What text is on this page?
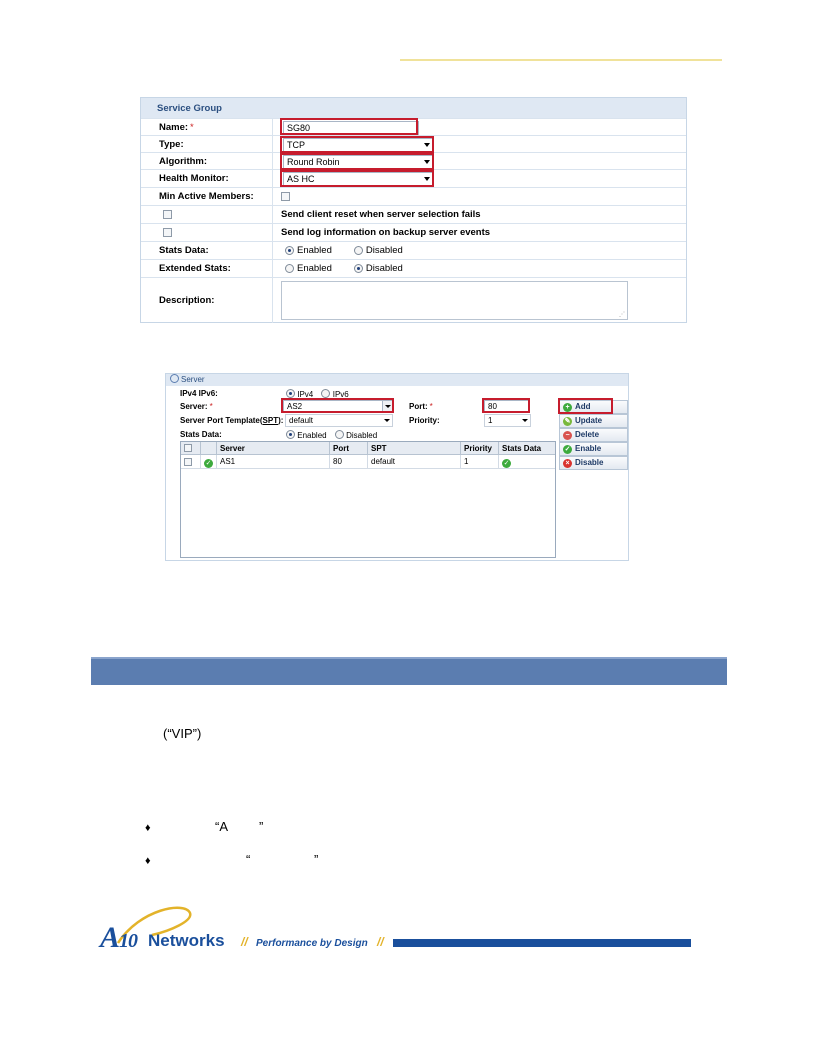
Service Group
Name: *	SG80
Type:	TCP
Algorithm:	Round Robin
Health Monitor:	AS HC
Min Active Members:
Send client reset when server selection fails
Send log information on backup server events
Stats Data:	Enabled	Disabled
Extended Stats:	Enabled	Disabled
Description:
⋰
Server
IPv4 IPv6:	IPv4 IPv6
Server: *	AS2	Port: *	80
Server Port Template(SPT): default	Priority:	1
Stats Data:	Enabled Disabled
+ Add
✎ Update
− Delete
✓ Enable
× Disable
Server	Port	SPT	Priority	Stats Data
✓	AS1	80	default	1	✓
(“VIP”)
♦	“A ”
♦	“	”
A10 Networks // Performance by Design //
